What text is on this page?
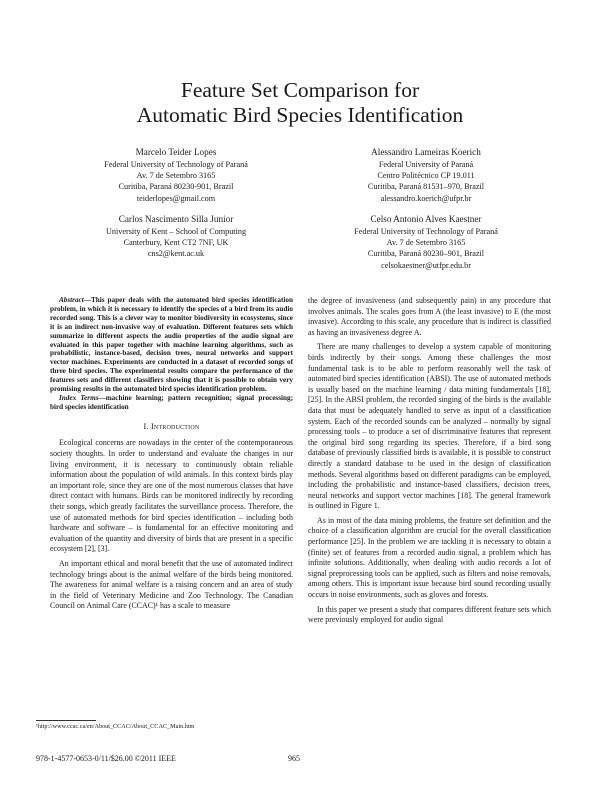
Feature Set Comparison for
Automatic Bird Species Identification
Marcelo Teider Lopes
Federal University of Technology of Paraná
Av. 7 de Setembro 3165
Curitiba, Paraná 80230-901, Brazil
teiderlopes@gmail.com
Alessandro Lameiras Koerich
Federal University of Paraná
Centro Politécnico CP 19.011
Curitiba, Paraná 81531–970, Brazil
alessandro.koerich@ufpr.br
Carlos Nascimento Silla Junior
University of Kent – School of Computing
Canterbury, Kent CT2 7NF, UK
cns2@kent.ac.uk
Celso Antonio Alves Kaestner
Federal University of Technology of Paraná
Av. 7 de Setembro 3165
Curitiba, Paraná 80230–901, Brazil
celsokaestner@utfpr.edu.br

Abstract—This paper deals with the automated bird species identification problem, in which it is necessary to identify the species of a bird from its audio recorded song. This is a clever way to monitor biodiversity in ecosystems, since it is an indirect non-invasive way of evaluation. Different features sets which summarize in different aspects the audio properties of the audio signal are evaluated in this paper together with machine learning algorithms, such as probabilistic, instance-based, decision trees, neural networks and support vector machines. Experiments are conducted in a dataset of recorded songs of three bird species. The experimental results compare the performance of the features sets and different classifiers showing that it is possible to obtain very promising results in the automated bird species identification problem.

Index Terms—machine learning; pattern recognition; signal processing; bird species identification

I. Introduction

Ecological concerns are nowadays in the center of the contemporaneous society thoughts. In order to understand and evaluate the changes in our living environment, it is necessary to continuously obtain reliable information about the population of wild animals. In this context birds play an important role, since they are one of the most numerous classes that have direct contact with humans. Birds can be monitored indirectly by recording their songs, which greatly facilitates the surveillance process. Therefore, the use of automated methods for bird species identification – including both hardware and software – is fundamental for an effective monitoring and evaluation of the quantity and diversity of birds that are present in a specific ecosystem [2], [3].

An important ethical and moral benefit that the use of automated indirect technology brings about is the animal welfare of the birds being monitored. The awareness for animal welfare is a raising concern and an area of study in the field of Veterinary Medicine and Zoo Technology. The Canadian Council on Animal Care (CCAC)¹ has a scale to measure

the degree of invasiveness (and subsequently pain) in any procedure that involves animals. The scales goes from A (the least invasive) to E (the most invasive). According to this scale, any procedure that is indirect is classified as having an invasiveness degree A.

There are many challenges to develop a system capable of monitoring birds indirectly by their songs. Among these challenges the most fundamental task is to be able to perform reasonably well the task of automated bird species identification (ABSI). The use of automated methods is usually based on the machine learning / data mining fundamentals [18], [25]. In the ABSI problem, the recorded singing of the birds is the available data that must be adequately handled to serve as input of a classification system. Each of the recorded sounds can be analyzed – normally by signal processing tools – to produce a set of discriminative features that represent the original bird song regarding its species. Therefore, if a bird song database of previously classified birds is available, it is possible to construct directly a standard database to be used in the design of classification methods. Several algorithms based on different paradigms can be employed, including the probabilistic and instance-based classifiers, decision trees, neural networks and support vector machines [18]. The general framework is outlined in Figure 1.

As in most of the data mining problems, the feature set definition and the choice of a classification algorithm are crucial for the overall classification performance [25]. In the problem we are tackling it is necessary to obtain a (finite) set of features from a recorded audio signal, a problem which has infinite solutions. Additionally, when dealing with audio records a lot of signal preprocessing tools can be applied, such as filters and noise removals, among others. This is important issue because bird sound recording usually occurs in noise environments, such as gloves and forests.

In this paper we present a study that compares different feature sets which were previously employed for audio signal

¹http://www.ccac.ca/en/About_CCAC/About_CCAC_Main.htm
978-1-4577-0653-0/11/$26.00 ©2011 IEEE	965
